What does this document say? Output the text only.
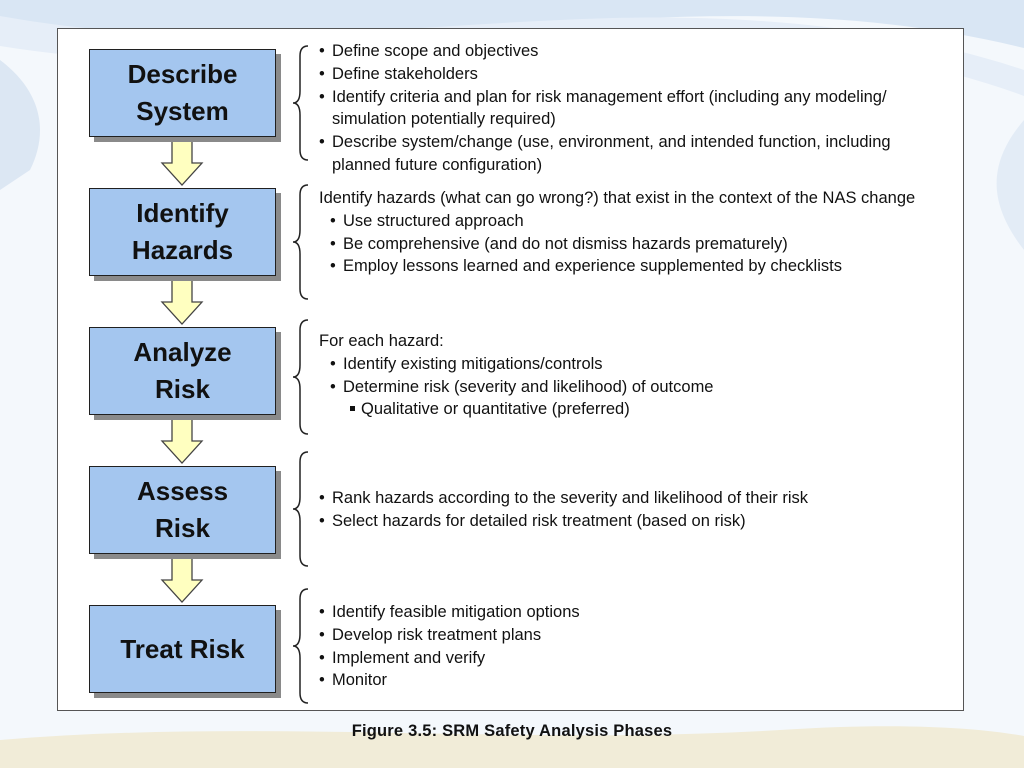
Describe
System
• Define scope and objectives
• Define stakeholders
• Identify criteria and plan for risk management effort (including any modeling/ simulation potentially required)
• Describe system/change (use, environment, and intended function, including planned future configuration)
Identify
Hazards
Identify hazards (what can go wrong?) that exist in the context of the NAS change
• Use structured approach
• Be comprehensive (and do not dismiss hazards prematurely)
• Employ lessons learned and experience supplemented by checklists
Analyze
Risk
For each hazard:
• Identify existing mitigations/controls
• Determine risk (severity and likelihood) of outcome
Qualitative or quantitative (preferred)
Assess
Risk
• Rank hazards according to the severity and likelihood of their risk
• Select hazards for detailed risk treatment (based on risk)
Treat Risk
• Identify feasible mitigation options
• Develop risk treatment plans
• Implement and verify
• Monitor
Figure 3.5: SRM Safety Analysis Phases
